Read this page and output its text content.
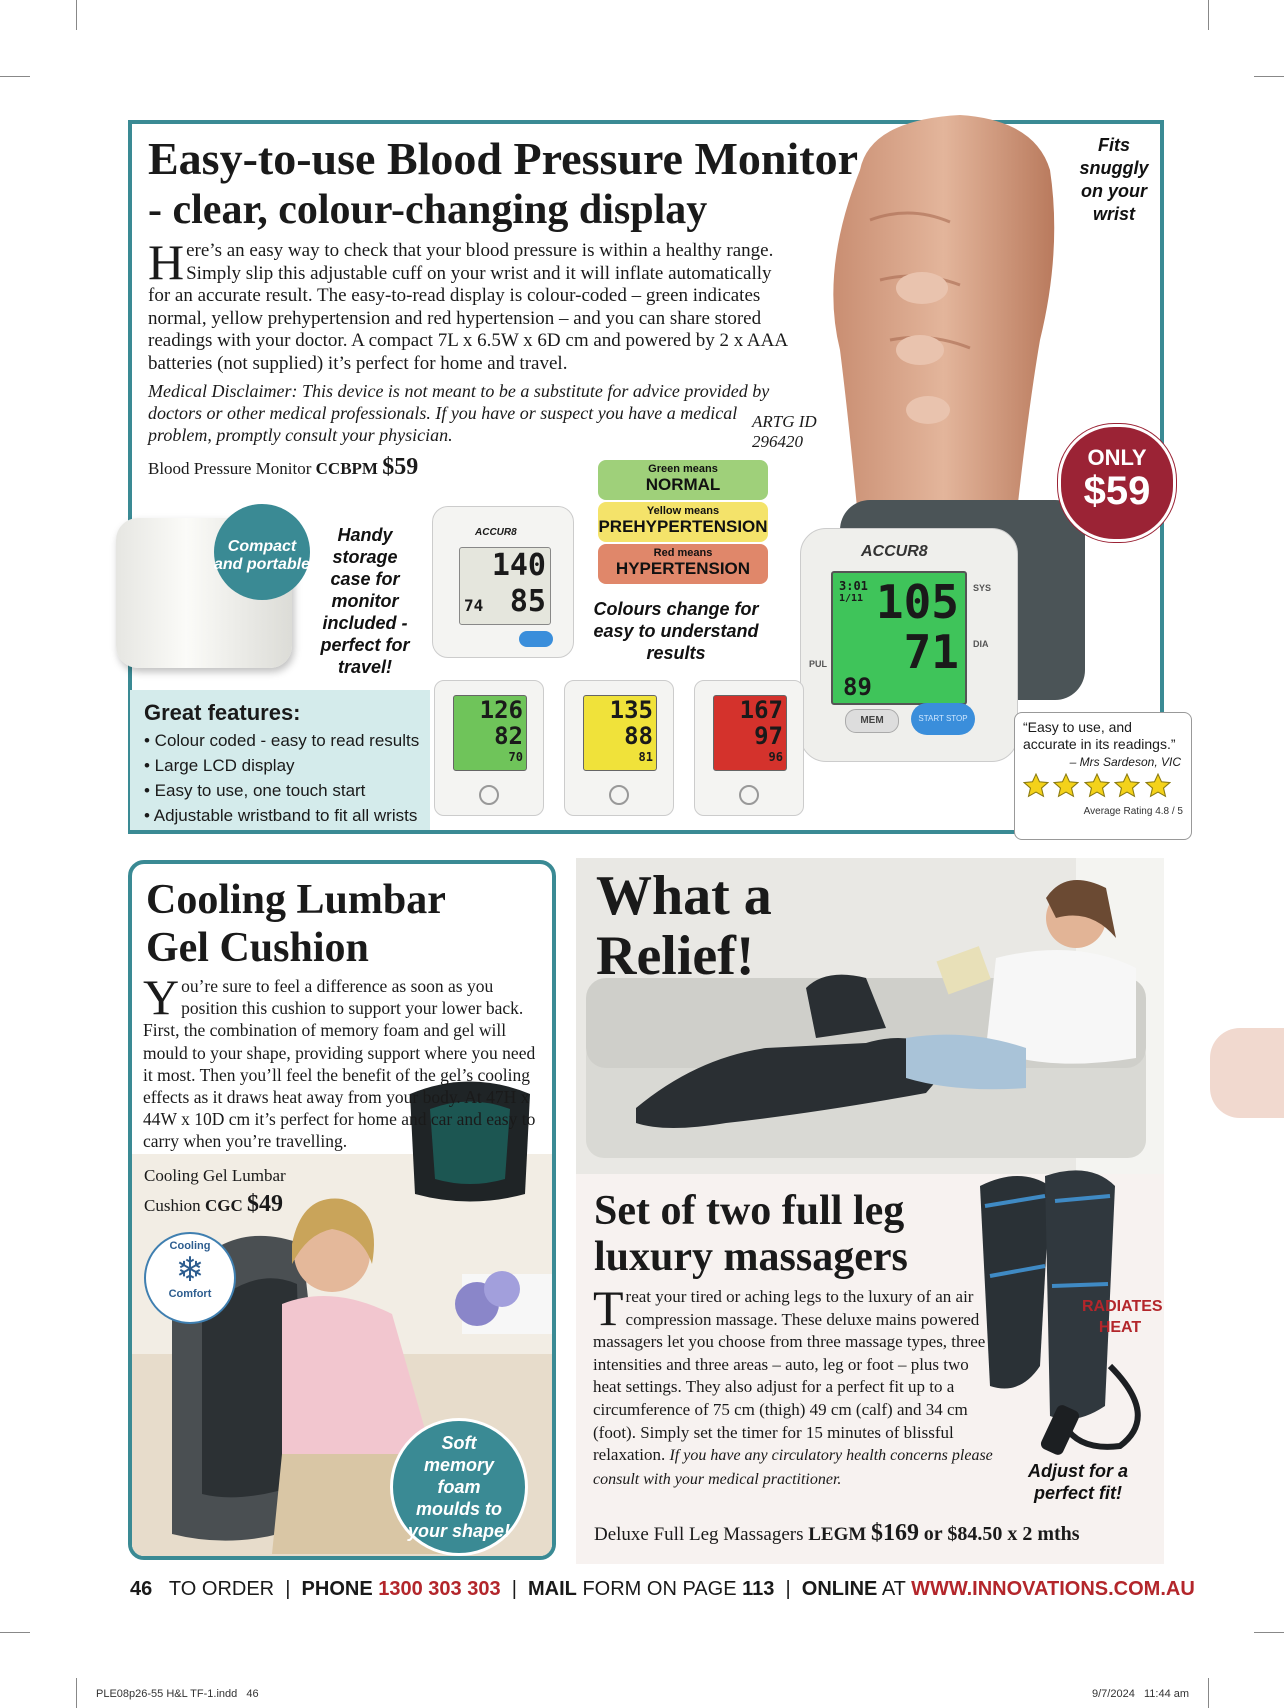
ACCUR8
3:01
1/11 105
71
89
SYS
DIA
PUL
MEM	START STOP
Easy-to-use Blood Pressure Monitor
- clear, colour-changing display
Here’s an easy way to check that your blood pressure is within a healthy range. Simply slip this adjustable cuff on your wrist and it will inflate automatically for an accurate result. The easy-to-read display is colour-coded – green indicates normal, yellow prehypertension and red hypertension – and you can share stored readings with your doctor. A compact 7L x 6.5W x 6D cm and powered by 2 x AAA batteries (not supplied) it’s perfect for home and travel.
Medical Disclaimer: This device is not meant to be a substitute for advice provided by doctors or other medical professionals. If you have or suspect you have a medical problem, promptly consult your physician.
ARTG ID
296420
Blood Pressure Monitor CCBPM $59
Fits snuggly on your wrist
ONLY
$59
Compact and portable
Handy storage case for monitor included - perfect for travel!
ACCUR8
140
85
74
Green means
NORMAL
Yellow means
PREHYPERTENSION
Red means
HYPERTENSION
Colours change for easy to understand results
126
82
70
135
88
81
167
97
96
Great features:
• Colour coded - easy to read results
• Large LCD display
• Easy to use, one touch start
• Adjustable wristband to fit all wrists
“Easy to use, and accurate in its readings.”
– Mrs Sardeson, VIC

Average Rating 4.8 / 5
Cooling Lumbar
Gel Cushion
You’re sure to feel a difference as soon as you position this cushion to support your lower back. First, the combination of memory foam and gel will mould to your shape, providing support where you need it most. Then you’ll feel the benefit of the gel’s cooling effects as it draws heat away from your body. At 47H x 44W x 10D cm it’s perfect for home and car and easy to carry when you’re travelling.
Cooling Gel Lumbar
Cushion CGC $49
Cooling
❄
Comfort
Soft memory foam moulds to your shape!
What a
Relief!
RADIATES HEAT
Adjust for a perfect fit!
Set of two full leg
luxury massagers
Treat your tired or aching legs to the luxury of an air compression massage. These deluxe mains powered massagers let you choose from three massage types, three intensities and three areas – auto, leg or foot – plus two heat settings. They also adjust for a perfect fit up to a circumference of 75 cm (thigh) 49 cm (calf) and 34 cm (foot). Simply set the timer for 15 minutes of blissful relaxation. If you have any circulatory health concerns please consult with your medical practitioner.
Deluxe Full Leg Massagers LEGM $169 or $84.50 x 2 mths
46 TO ORDER  |  PHONE 1300 303 303  |  MAIL FORM ON PAGE 113  |  ONLINE AT WWW.INNOVATIONS.COM.AU
PLE08p26-55 H&L TF-1.indd   46	9/7/2024   11:44 am
